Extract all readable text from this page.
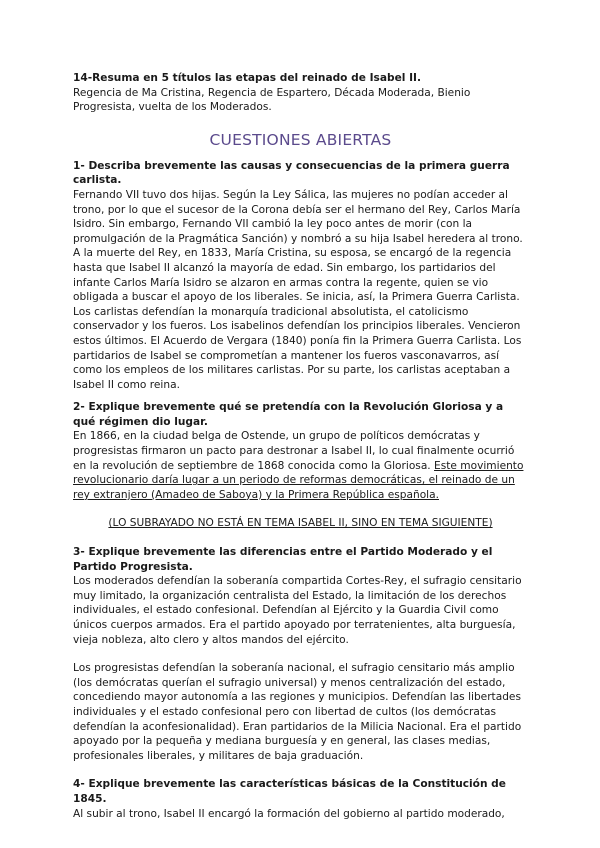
14-Resuma en 5 títulos las etapas del reinado de Isabel II.

Regencia de Ma Cristina, Regencia de Espartero, Década Moderada, Bienio Progresista, vuelta de los Moderados.

CUESTIONES ABIERTAS

1- Describa brevemente las causas y consecuencias de la primera guerra carlista.

Fernando VII tuvo dos hijas. Según la Ley Sálica, las mujeres no podían acceder al trono, por lo que el sucesor de la Corona debía ser el hermano del Rey, Carlos María Isidro. Sin embargo, Fernando VII cambió la ley poco antes de morir (con la promulgación de la Pragmática Sanción) y nombró a su hija Isabel heredera al trono. A la muerte del Rey, en 1833, María Cristina, su esposa, se encargó de la regencia hasta que Isabel II alcanzó la mayoría de edad. Sin embargo, los partidarios del infante Carlos María Isidro se alzaron en armas contra la regente, quien se vio obligada a buscar el apoyo de los liberales. Se inicia, así, la Primera Guerra Carlista. Los carlistas defendían la monarquía tradicional absolutista, el catolicismo conservador y los fueros. Los isabelinos defendían los principios liberales. Vencieron estos últimos. El Acuerdo de Vergara (1840) ponía fin la Primera Guerra Carlista. Los partidarios de Isabel se comprometían a mantener los fueros vasconavarros, así como los empleos de los militares carlistas. Por su parte, los carlistas aceptaban a Isabel II como reina.

2- Explique brevemente qué se pretendía con la Revolución Gloriosa y a qué régimen dio lugar.

En 1866, en la ciudad belga de Ostende, un grupo de políticos demócratas y progresistas firmaron un pacto para destronar a Isabel II, lo cual finalmente ocurrió en la revolución de septiembre de 1868 conocida como la Gloriosa. Este movimiento revolucionario daría lugar a un periodo de reformas democráticas, el reinado de un rey extranjero (Amadeo de Saboya) y la Primera República española.

(LO SUBRAYADO NO ESTÁ EN TEMA ISABEL II, SINO EN TEMA SIGUIENTE)

3- Explique brevemente las diferencias entre el Partido Moderado y el Partido Progresista.

Los moderados defendían la soberanía compartida Cortes-Rey, el sufragio censitario muy limitado, la organización centralista del Estado, la limitación de los derechos individuales, el estado confesional. Defendían al Ejército y la Guardia Civil como únicos cuerpos armados. Era el partido apoyado por terratenientes, alta burguesía, vieja nobleza, alto clero y altos mandos del ejército.

Los progresistas defendían la soberanía nacional, el sufragio censitario más amplio (los demócratas querían el sufragio universal) y menos centralización del estado, concediendo mayor autonomía a las regiones y municipios. Defendían las libertades individuales y el estado confesional pero con libertad de cultos (los demócratas defendían la aconfesionalidad). Eran partidarios de la Milicia Nacional. Era el partido apoyado por la pequeña y mediana burguesía y en general, las clases medias, profesionales liberales, y militares de baja graduación.

4- Explique brevemente las características básicas de la Constitución de 1845.

Al subir al trono, Isabel II encargó la formación del gobierno al partido moderado,
